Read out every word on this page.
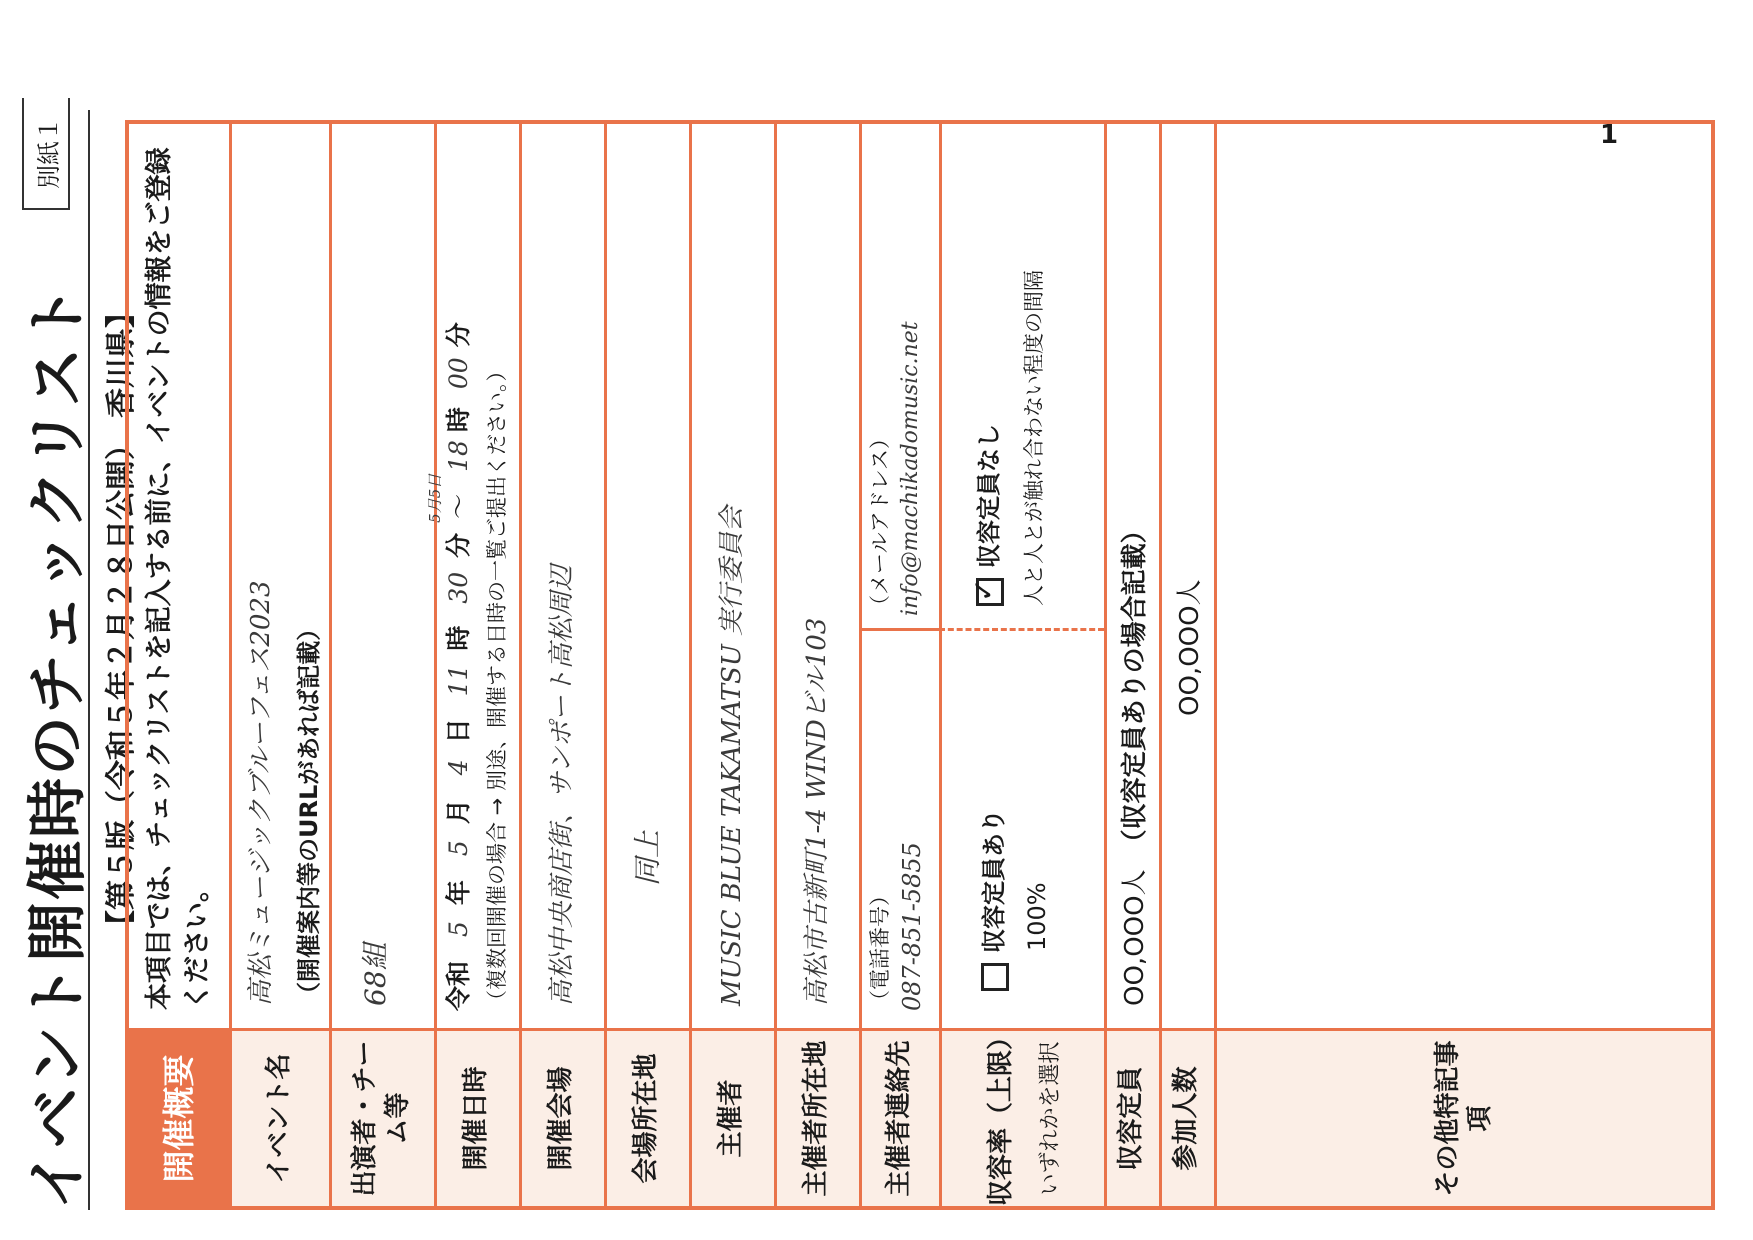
1
イベント開催時のチェックリスト
別紙１
【第５版（令和５年２月２８日公開）香川県】
開催概要
本項目では、チェックリストを記入する前に、イベントの情報をご登録ください。
イベント名
高松ミュージックブルーフェス2023 （開催案内等のURLがあれば記載）
出演者・チーム等
68組
開催日時
令和 5年 5月 4日 11時 30分 ～
5月5日
18時 00分
（複数回開催の場合 → 別途、開催する日時の一覧ご提出ください。）
開催会場
高松中央商店街、サンポート高松周辺
会場所在地
同上
主催者
MUSIC BLUE TAKAMATSU 実行委員会
主催者所在地
高松市古新町1-4 WINDビル103
主催者連絡先
（電話番号） 087-851-5855
（メールアドレス） info@machikadomusic.net
収容率（上限） いずれかを選択
収容定員あり 100%
✓
収容定員なし 人と人とが触れ合わない程度の間隔
収容定員
OO,OOO人（収容定員ありの場合記載）
参加人数
OO,OOO人
その他特記事項
